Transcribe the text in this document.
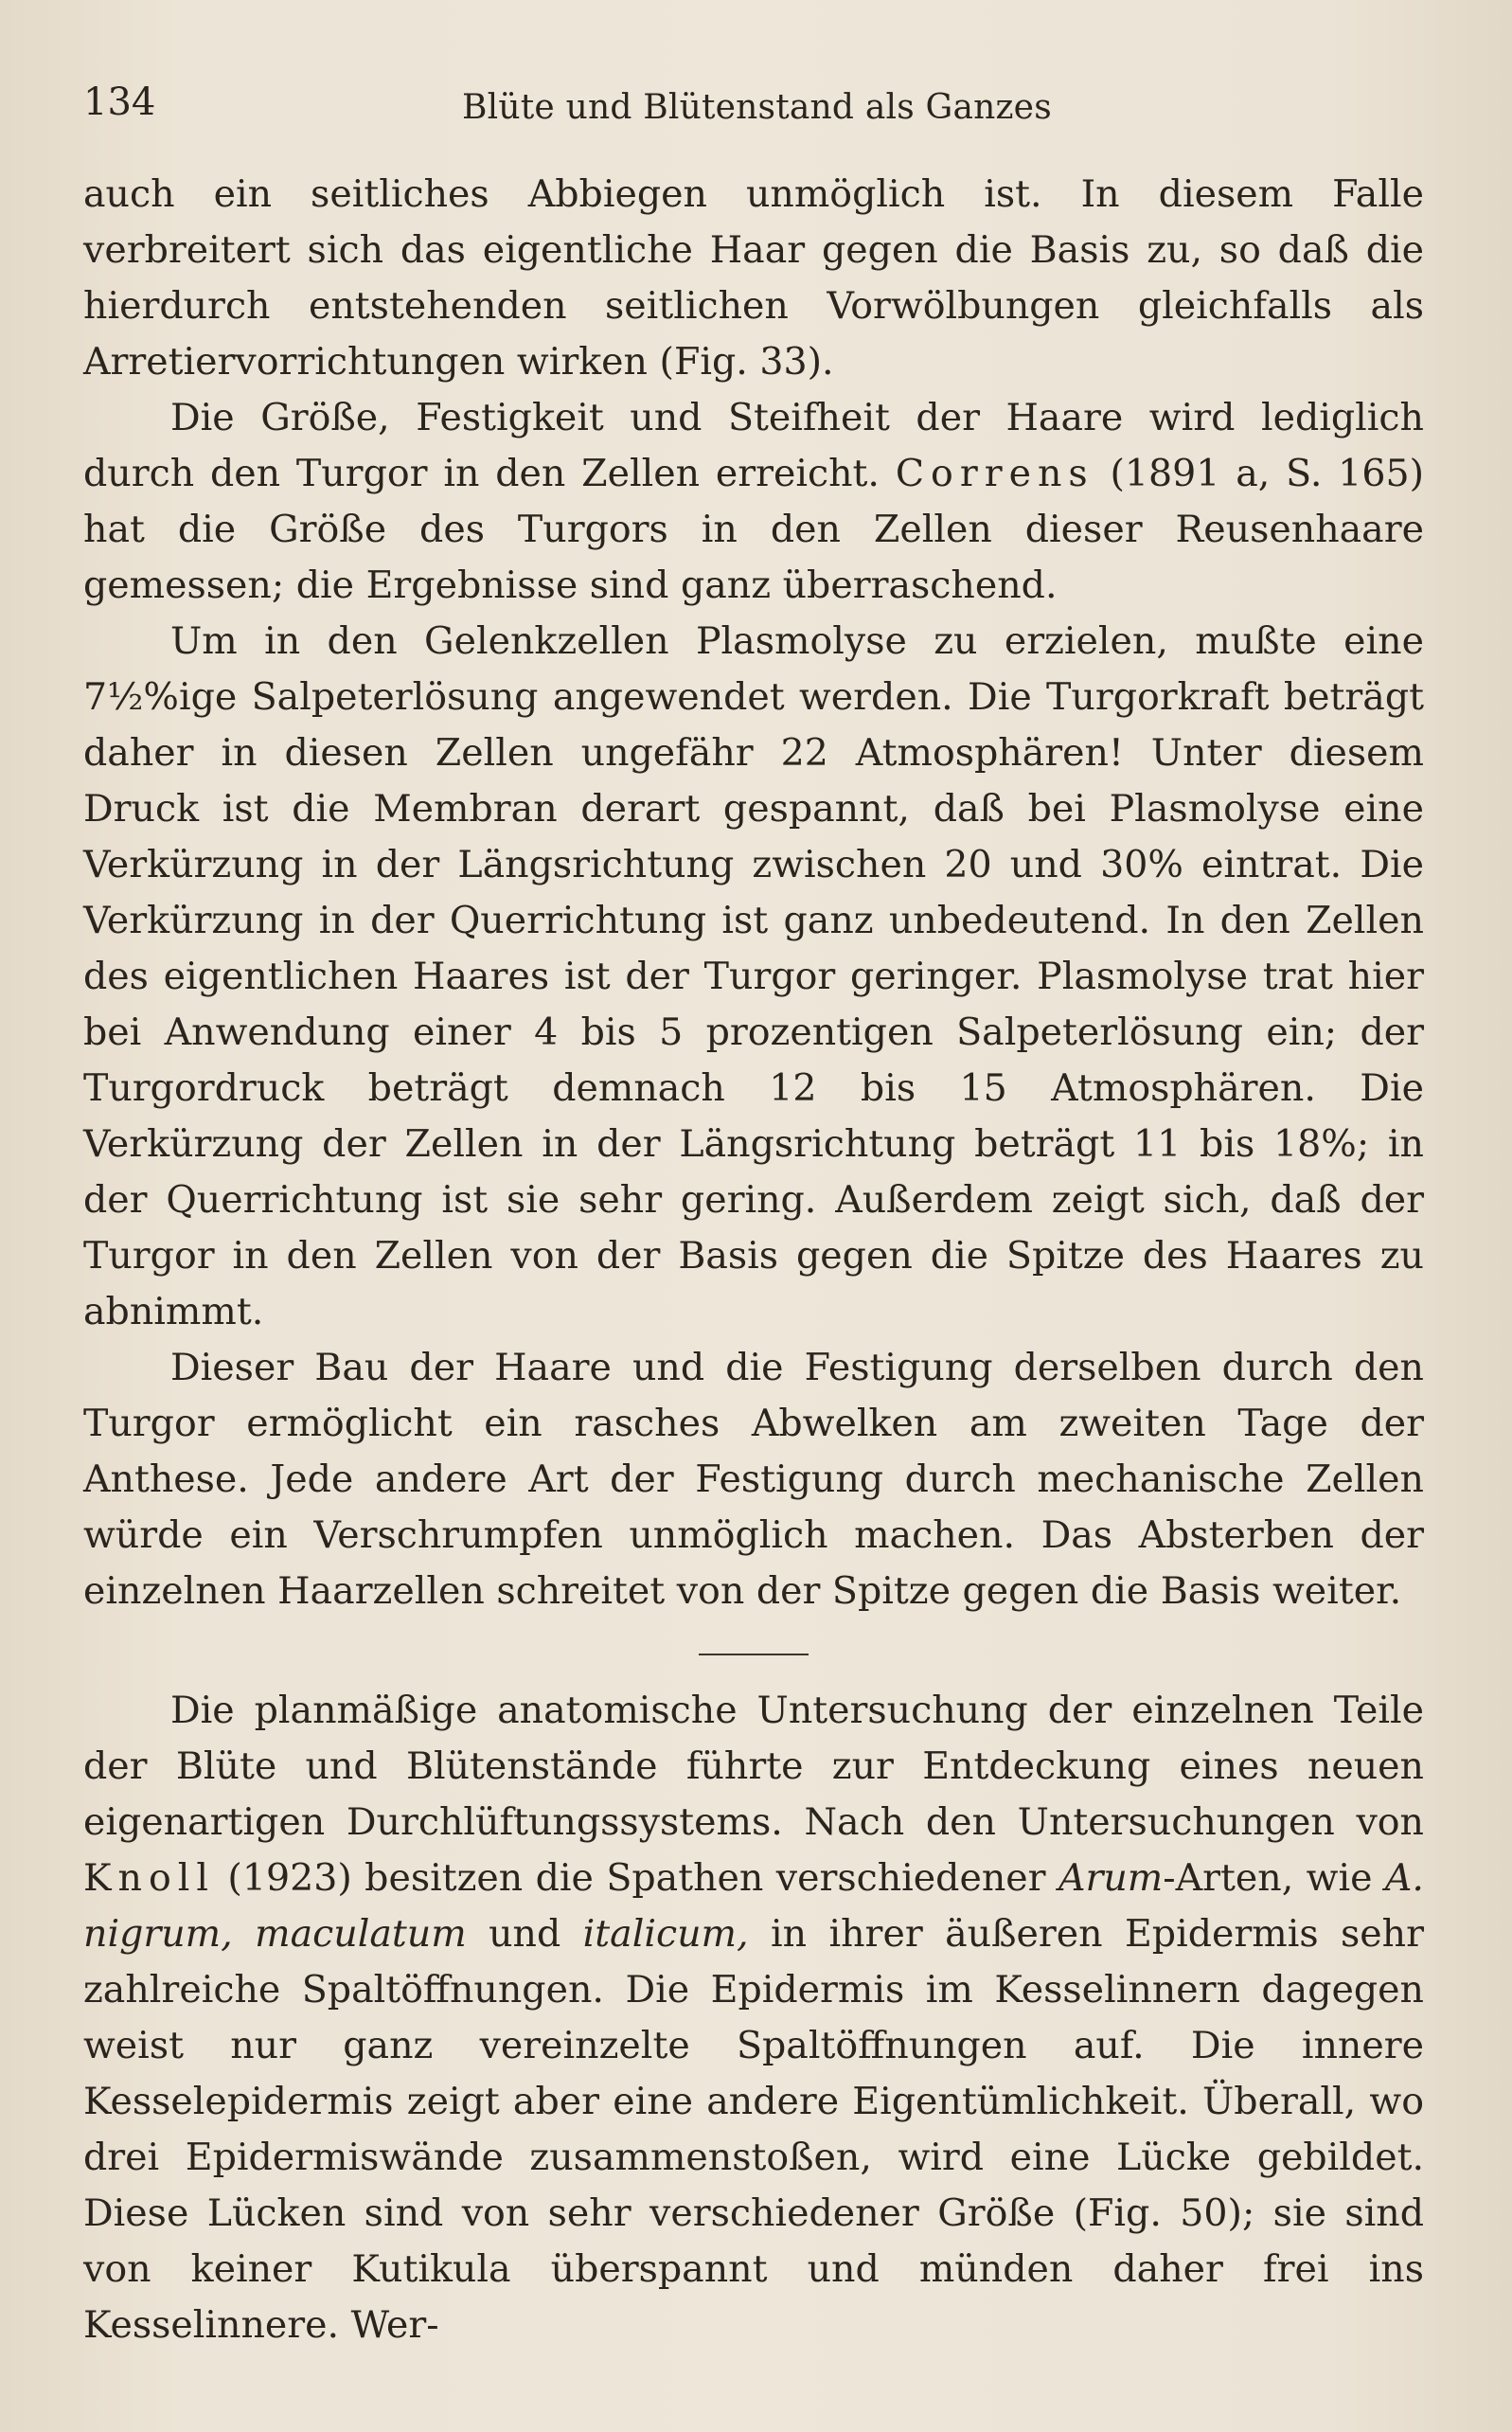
134	Blüte und Blütenstand als Ganzes

auch ein seitliches Abbiegen unmöglich ist. In diesem Falle verbreitert sich das eigentliche Haar gegen die Basis zu, so daß die hierdurch entstehenden seitlichen Vorwölbungen gleichfalls als Arretiervorrichtungen wirken (Fig. 33).

Die Größe, Festigkeit und Steifheit der Haare wird lediglich durch den Turgor in den Zellen erreicht. Correns (1891 a, S. 165) hat die Größe des Turgors in den Zellen dieser Reusenhaare gemessen; die Ergebnisse sind ganz überraschend.

Um in den Gelenkzellen Plasmolyse zu erzielen, mußte eine 7½%ige Salpeterlösung angewendet werden. Die Turgorkraft beträgt daher in diesen Zellen ungefähr 22 Atmosphären! Unter diesem Druck ist die Membran derart gespannt, daß bei Plasmolyse eine Verkürzung in der Längsrichtung zwischen 20 und 30% eintrat. Die Verkürzung in der Querrichtung ist ganz unbedeutend. In den Zellen des eigentlichen Haares ist der Turgor geringer. Plasmolyse trat hier bei Anwendung einer 4 bis 5 prozentigen Salpeterlösung ein; der Turgordruck beträgt demnach 12 bis 15 Atmosphären. Die Verkürzung der Zellen in der Längsrichtung beträgt 11 bis 18%; in der Querrichtung ist sie sehr gering. Außerdem zeigt sich, daß der Turgor in den Zellen von der Basis gegen die Spitze des Haares zu abnimmt.

Dieser Bau der Haare und die Festigung derselben durch den Turgor ermöglicht ein rasches Abwelken am zweiten Tage der Anthese. Jede andere Art der Festigung durch mechanische Zellen würde ein Verschrumpfen unmöglich machen. Das Absterben der einzelnen Haarzellen schreitet von der Spitze gegen die Basis weiter.

Die planmäßige anatomische Untersuchung der einzelnen Teile der Blüte und Blütenstände führte zur Entdeckung eines neuen eigenartigen Durchlüftungssystems. Nach den Untersuchungen von Knoll (1923) besitzen die Spathen verschiedener Arum-Arten, wie A. nigrum, maculatum und italicum, in ihrer äußeren Epidermis sehr zahlreiche Spaltöffnungen. Die Epidermis im Kesselinnern dagegen weist nur ganz vereinzelte Spaltöffnungen auf. Die innere Kesselepidermis zeigt aber eine andere Eigentümlichkeit. Überall, wo drei Epidermiswände zusammenstoßen, wird eine Lücke gebildet. Diese Lücken sind von sehr verschiedener Größe (Fig. 50); sie sind von keiner Kutikula überspannt und münden daher frei ins Kesselinnere. Wer-
